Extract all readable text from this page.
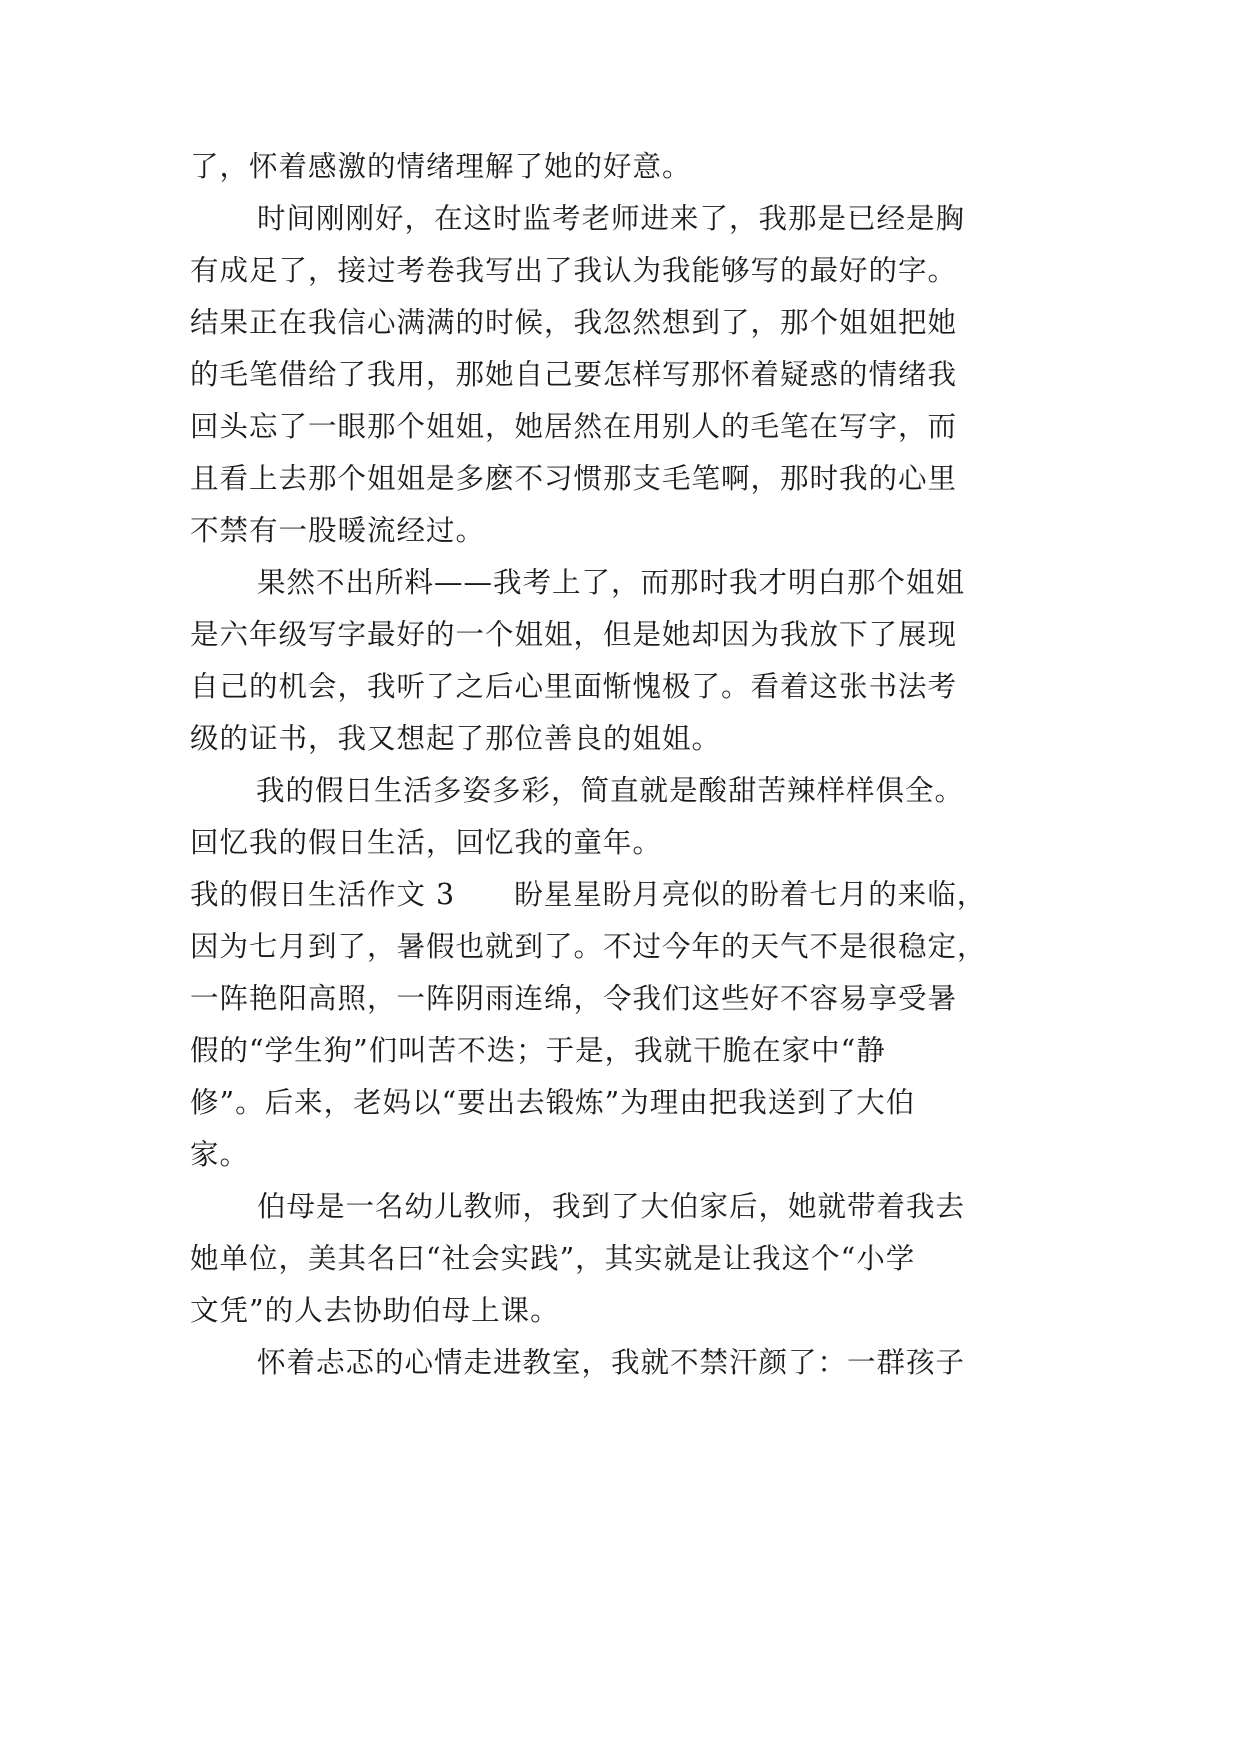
了，怀着感激的情绪理解了她的好意。
时间刚刚好，在这时监考老师进来了，我那是已经是胸
有成足了，接过考卷我写出了我认为我能够写的最好的字。
结果正在我信心满满的时候，我忽然想到了，那个姐姐把她
的毛笔借给了我用，那她自己要怎样写那怀着疑惑的情绪我
回头忘了一眼那个姐姐，她居然在用别人的毛笔在写字，而
且看上去那个姐姐是多麽不习惯那支毛笔啊，那时我的心里
不禁有一股暖流经过。
果然不出所料——我考上了，而那时我才明白那个姐姐
是六年级写字最好的一个姐姐，但是她却因为我放下了展现
自己的机会，我听了之后心里面惭愧极了。看着这张书法考
级的证书，我又想起了那位善良的姐姐。
我的假日生活多姿多彩，简直就是酸甜苦辣样样俱全。
回忆我的假日生活，回忆我的童年。
我的假日生活作文 3　　盼星星盼月亮似的盼着七月的来临，
因为七月到了，暑假也就到了。不过今年的天气不是很稳定，
一阵艳阳高照，一阵阴雨连绵，令我们这些好不容易享受暑
假的“学生狗”们叫苦不迭；于是，我就干脆在家中“静
修”。后来，老妈以“要出去锻炼”为理由把我送到了大伯
家。
伯母是一名幼儿教师，我到了大伯家后，她就带着我去
她单位，美其名曰“社会实践”，其实就是让我这个“小学
文凭”的人去协助伯母上课。
怀着忐忑的心情走进教室，我就不禁汗颜了：一群孩子
